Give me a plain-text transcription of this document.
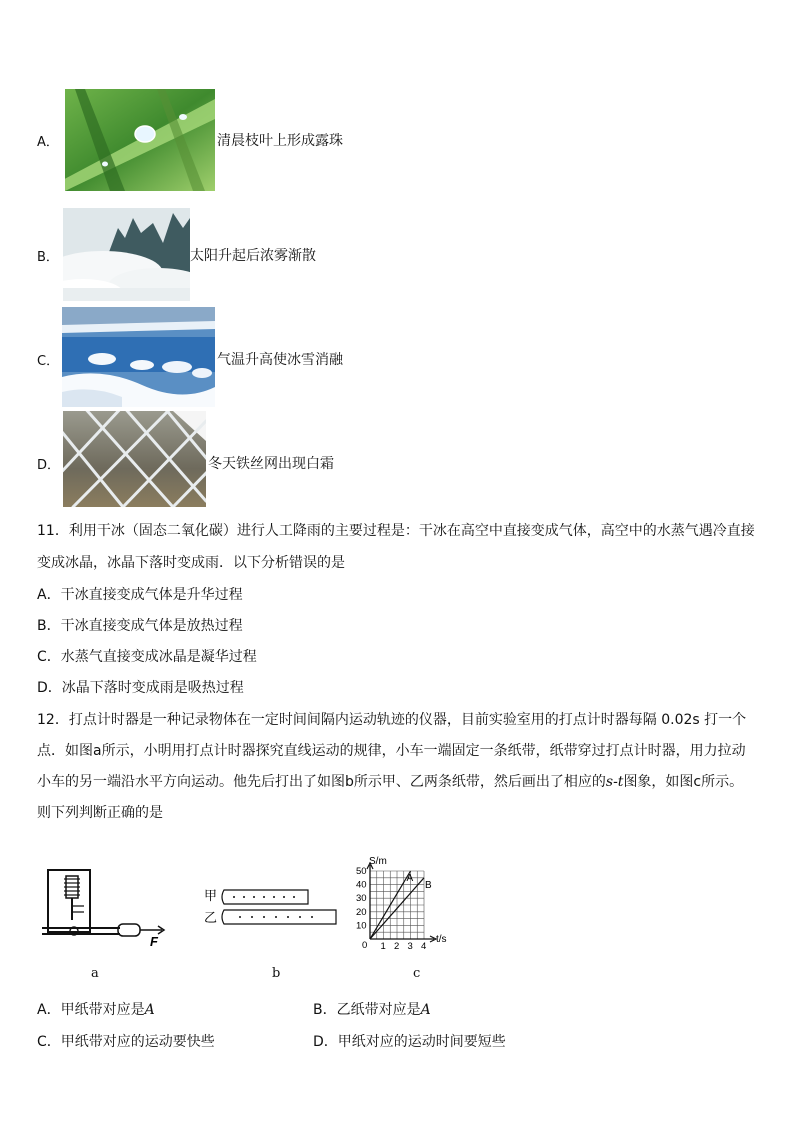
A．	清晨枝叶上形成露珠
B．	太阳升起后浓雾渐散
C．	气温升高使冰雪消融
D．	冬天铁丝网出现白霜
11．利用干冰（固态二氧化碳）进行人工降雨的主要过程是：干冰在高空中直接变成气体，高空中的水蒸气遇冷直接
变成冰晶，冰晶下落时变成雨．以下分析错误的是
A．干冰直接变成气体是升华过程
B．干冰直接变成气体是放热过程
C．水蒸气直接变成冰晶是凝华过程
D．冰晶下落时变成雨是吸热过程
12．打点计时器是一种记录物体在一定时间间隔内运动轨迹的仪器，目前实验室用的打点计时器每隔 0.02s 打一个
点．如图a所示，小明用打点计时器探究直线运动的规律，小车一端固定一条纸带，纸带穿过打点计时器，用力拉动
小车的另一端沿水平方向运动。他先后打出了如图b所示甲、乙两条纸带，然后画出了相应的s-t图象，如图c所示。
则下列判断正确的是
F
a
甲
乙
b
S/m
t/s
50
40
30
20
10
0 1 2 3 4
A
B
c
A．甲纸带对应是A	B．乙纸带对应是A
C．甲纸带对应的运动要快些	D．甲纸对应的运动时间要短些
